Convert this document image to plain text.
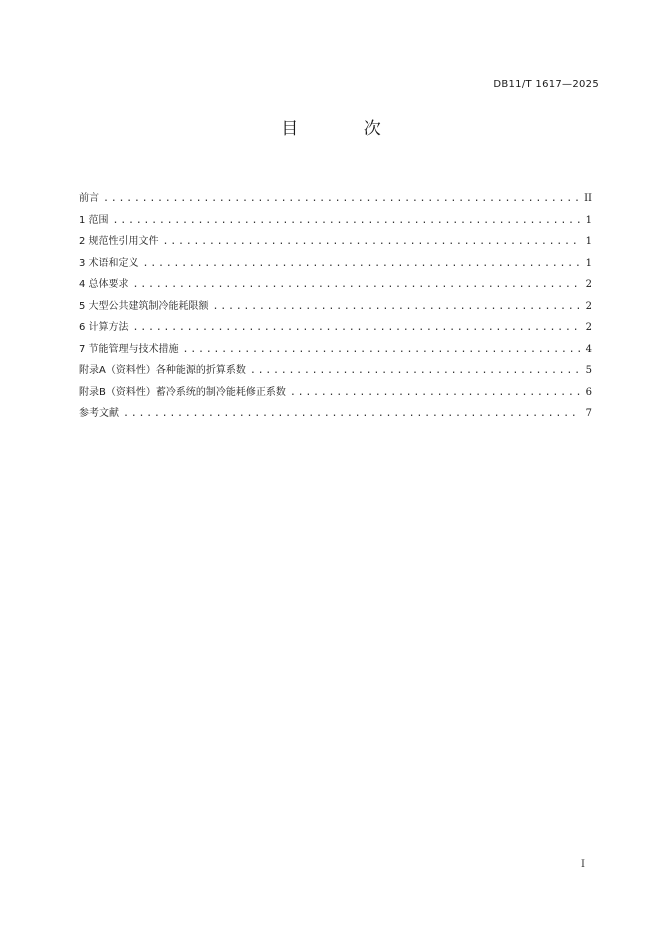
DB11/T 1617—2025
目 次
前言 .....	II
1 范围 .....	1
2 规范性引用文件 .....	1
3 术语和定义 .....	1
4 总体要求 .....	2
5 大型公共建筑制冷能耗限额 .....	2
6 计算方法 .....	2
7 节能管理与技术措施 .....	4
附录A（资料性）各种能源的折算系数 .....	5
附录B（资料性）蓄冷系统的制冷能耗修正系数 .....	6
参考文献 .....	7
I
